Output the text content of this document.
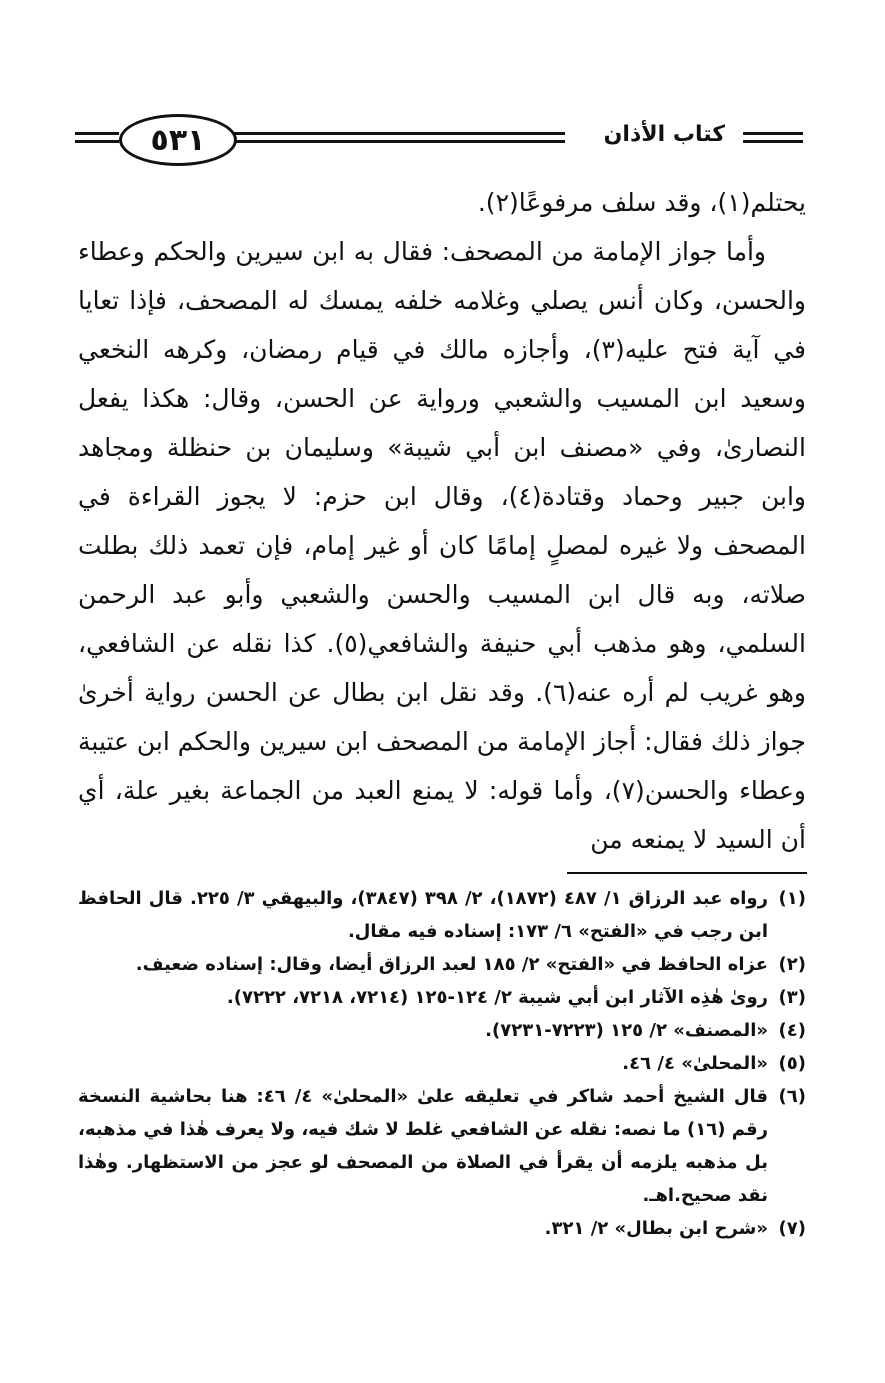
٥٣١	كتاب الأذان

يحتلم(١)، وقد سلف مرفوعًا(٢).

وأما جواز الإمامة من المصحف: فقال به ابن سيرين والحكم وعطاء والحسن، وكان أنس يصلي وغلامه خلفه يمسك له المصحف، فإذا تعايا في آية فتح عليه(٣)، وأجازه مالك في قيام رمضان، وكرهه النخعي وسعيد ابن المسيب والشعبي ورواية عن الحسن، وقال: هكذا يفعل النصارىٰ، وفي «مصنف ابن أبي شيبة» وسليمان بن حنظلة ومجاهد وابن جبير وحماد وقتادة(٤)، وقال ابن حزم: لا يجوز القراءة في المصحف ولا غيره لمصلٍ إمامًا كان أو غير إمام، فإن تعمد ذلك بطلت صلاته، وبه قال ابن المسيب والحسن والشعبي وأبو عبد الرحمن السلمي، وهو مذهب أبي حنيفة والشافعي(٥). كذا نقله عن الشافعي، وهو غريب لم أره عنه(٦). وقد نقل ابن بطال عن الحسن رواية أخرىٰ جواز ذلك فقال: أجاز الإمامة من المصحف ابن سيرين والحكم ابن عتيبة وعطاء والحسن(٧)، وأما قوله: لا يمنع العبد من الجماعة بغير علة، أي أن السيد لا يمنعه من

(١)
رواه عبد الرزاق ١/ ٤٨٧ (١٨٧٢)، ٢/ ٣٩٨ (٣٨٤٧)، والبيهقي ٣/ ٢٢٥. قال الحافظ ابن رجب في «الفتح» ٦/ ١٧٣: إسناده فيه مقال.
(٢)
عزاه الحافظ في «الفتح» ٢/ ١٨٥ لعبد الرزاق أيضا، وقال: إسناده ضعيف.
(٣)
روىٰ هٰذِه الآثار ابن أبي شيبة ٢/ ١٢٤-١٢٥ (٧٢١٤، ٧٢١٨، ٧٢٢٢).
(٤)
«المصنف» ٢/ ١٢٥ (٧٢٢٣-٧٢٣١).
(٥)
«المحلىٰ» ٤/ ٤٦.
(٦)
قال الشيخ أحمد شاكر في تعليقه علىٰ «المحلىٰ» ٤/ ٤٦: هنا بحاشية النسخة رقم (١٦) ما نصه: نقله عن الشافعي غلط لا شك فيه، ولا يعرف هٰذا في مذهبه، بل مذهبه يلزمه أن يقرأ في الصلاة من المصحف لو عجز من الاستظهار. وهٰذا نقد صحيح.اهـ.
(٧)
«شرح ابن بطال» ٢/ ٣٢١.
